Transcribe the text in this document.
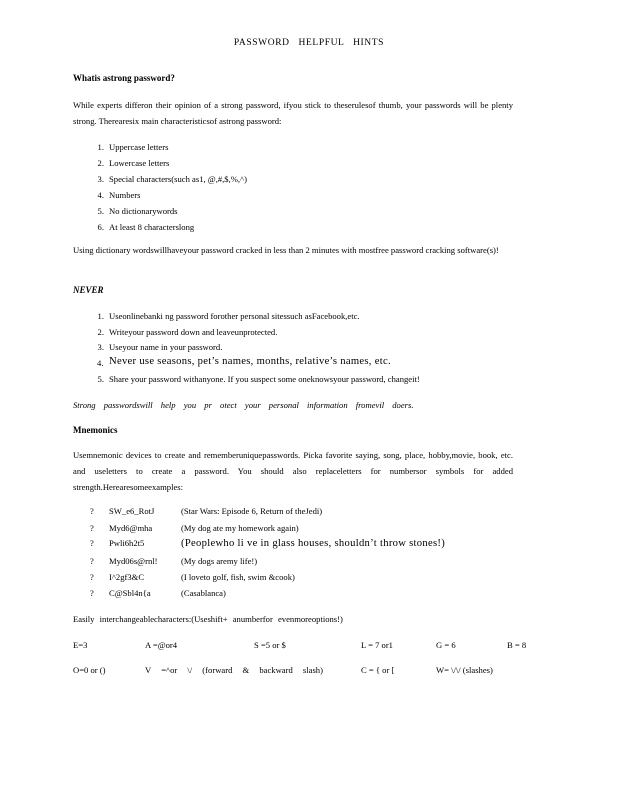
PASSWORD HELPFUL HINTS
Whatis astrong password?
While experts differon their opinion of a strong password, ifyou stick to theserulesof thumb, your passwords will be plenty strong. Therearesix main characteristicsof astrong password:
1. Uppercase letters
2. Lowercase letters
3. Special characters(such as1, @,#,$,%,^)
4. Numbers
5. No dictionarywords
6. At least 8 characterslong
Using dictionary wordswillhaveyour password cracked in less than 2 minutes with mostfree password cracking software(s)!
NEVER
1. Useonlinebanki ng password forother personal sitessuch asFacebook,etc.
2. Writeyour password down and leaveunprotected.
3. Useyour name in your password.
4. Never use seasons, pet’s names, months, relative’s names, etc.
5. Share your password withanyone. If you suspect some oneknowsyour password, changeit!
Strong passwordswill help you pr otect your personal information fromevil doers.
Mnemonics
Usemnemonic devices to create and rememberuniquepasswords. Picka favorite saying, song, place, hobby,movie, book, etc. and useletters to create a password. You should also replaceletters for numbersor symbols for added strength.Herearesomeexamples:
? SW_e6_RotJ	(Star Wars: Episode 6, Return of theJedi)
? Myd6@mha	(My dog ate my homework again)
? Pwli6h2t5	(Peoplewho li ve in glass houses, shouldn’t throw stones!)
? Myd06s@rnl!	(My dogs aremy life!)
? I^2gf3&C	(I loveto golf, fish, swim &cook)
? C@Sbl4n{a	(Casablanca)
Easily interchangeablecharacters:(Useshift+ anumberfor evenmoreoptions!)
E=3	A =@or4	S =5 or $	L = 7 or1	G = 6	B = 8
O=0 or ()	V =^or \/ (forward & backward slash)	C = { or [	W= \/\/ (slashes)
